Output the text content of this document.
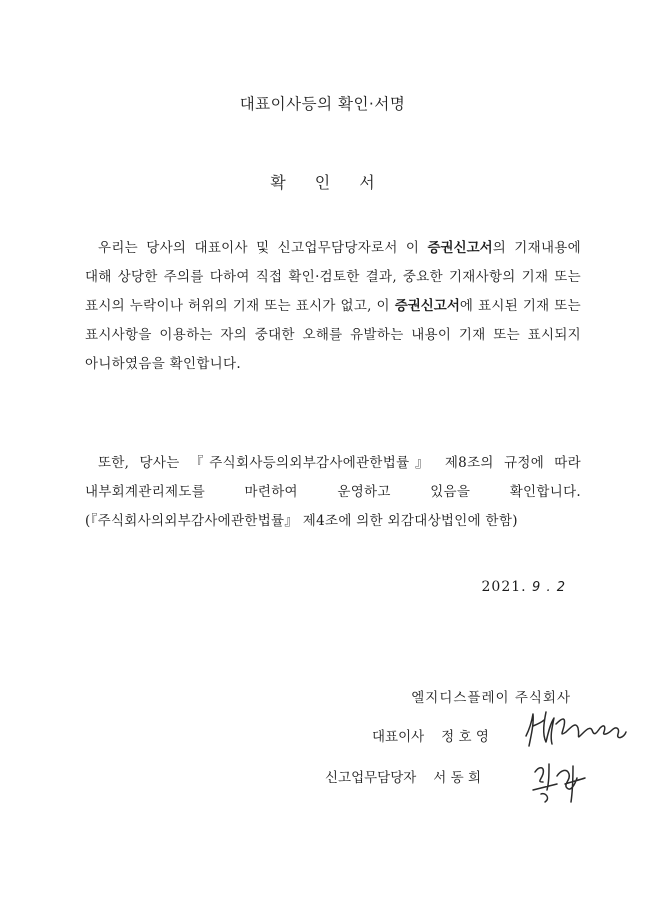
대표이사등의 확인·서명
확 인 서

우리는 당사의 대표이사 및 신고업무담당자로서 이 증권신고서의 기재내용에 대해 상당한 주의를 다하여 직접 확인·검토한 결과, 중요한 기재사항의 기재 또는 표시의 누락이나 허위의 기재 또는 표시가 없고, 이 증권신고서에 표시된 기재 또는 표시사항을 이용하는 자의 중대한 오해를 유발하는 내용이 기재 또는 표시되지 아니하였음을 확인합니다.

또한, 당사는 『주식회사등의외부감사에관한법률』 제8조의 규정에 따라 내부회계관리제도를 마련하여 운영하고 있음을 확인합니다.(『주식회사의외부감사에관한법률』 제4조에 의한 외감대상법인에 한함)

2021. 9 . 2
엘지디스플레이 주식회사
대표이사 정 호 영
신고업무담당자 서 동 희
